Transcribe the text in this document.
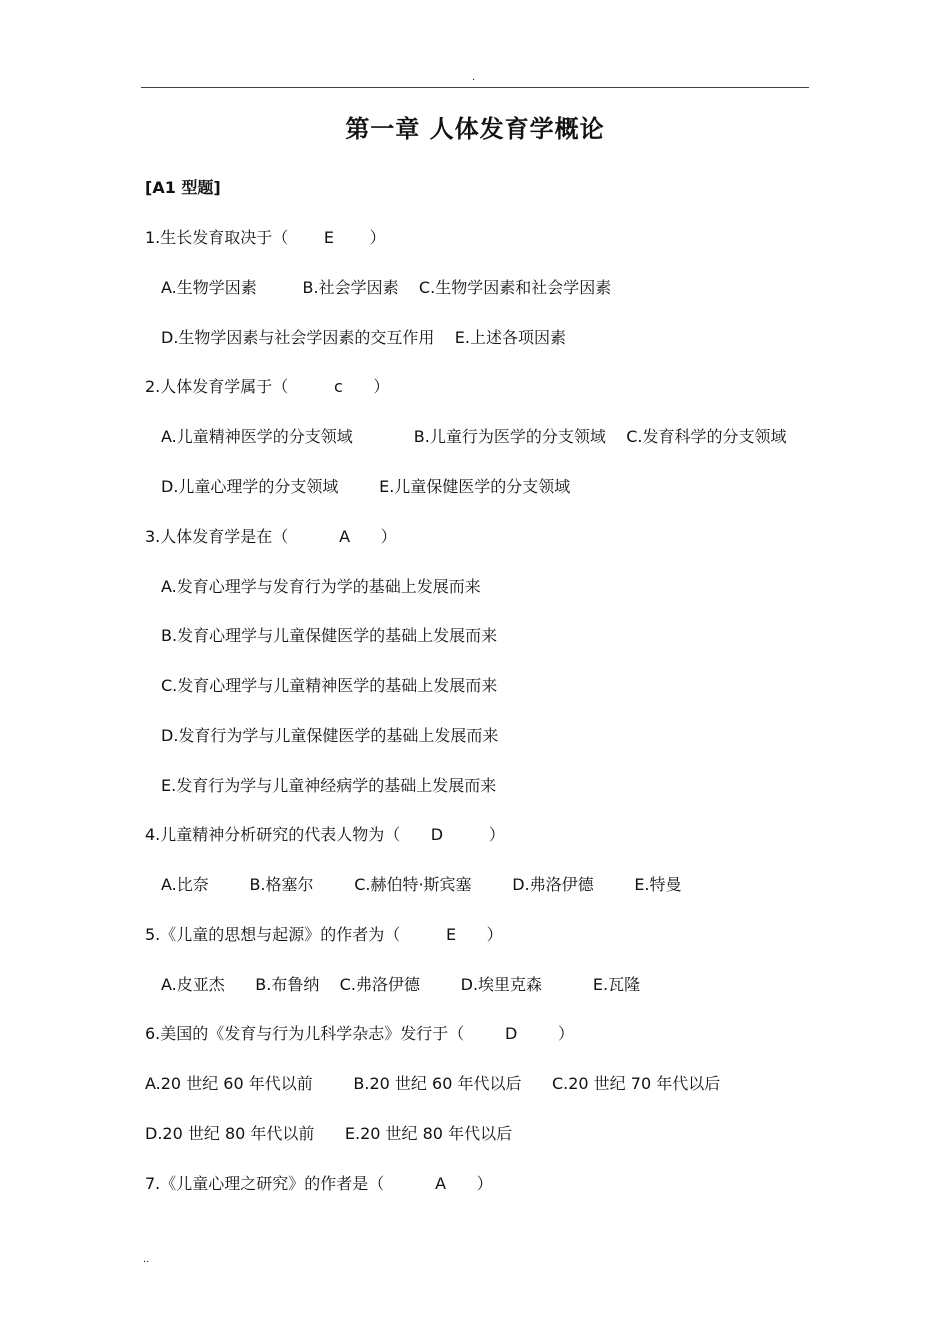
.
第一章 人体发育学概论
[A1 型题]
1.生长发育取决于（       E       ）
A.生物学因素         B.社会学因素    C.生物学因素和社会学因素
D.生物学因素与社会学因素的交互作用    E.上述各项因素
2.人体发育学属于（         c      ）
A.儿童精神医学的分支领域            B.儿童行为医学的分支领域    C.发育科学的分支领域
D.儿童心理学的分支领域        E.儿童保健医学的分支领域
3.人体发育学是在（          A      ）
A.发育心理学与发育行为学的基础上发展而来
B.发育心理学与儿童保健医学的基础上发展而来
C.发育心理学与儿童精神医学的基础上发展而来
D.发育行为学与儿童保健医学的基础上发展而来
E.发育行为学与儿童神经病学的基础上发展而来
4.儿童精神分析研究的代表人物为（      D         ）
A.比奈        B.格塞尔        C.赫伯特·斯宾塞        D.弗洛伊德        E.特曼
5.《儿童的思想与起源》的作者为（         E      ）
A.皮亚杰      B.布鲁纳    C.弗洛伊德        D.埃里克森          E.瓦隆
6.美国的《发育与行为儿科学杂志》发行于（        D        ）
A.20 世纪 60 年代以前        B.20 世纪 60 年代以后      C.20 世纪 70 年代以后
D.20 世纪 80 年代以前      E.20 世纪 80 年代以后
7.《儿童心理之研究》的作者是（          A      ）
..
